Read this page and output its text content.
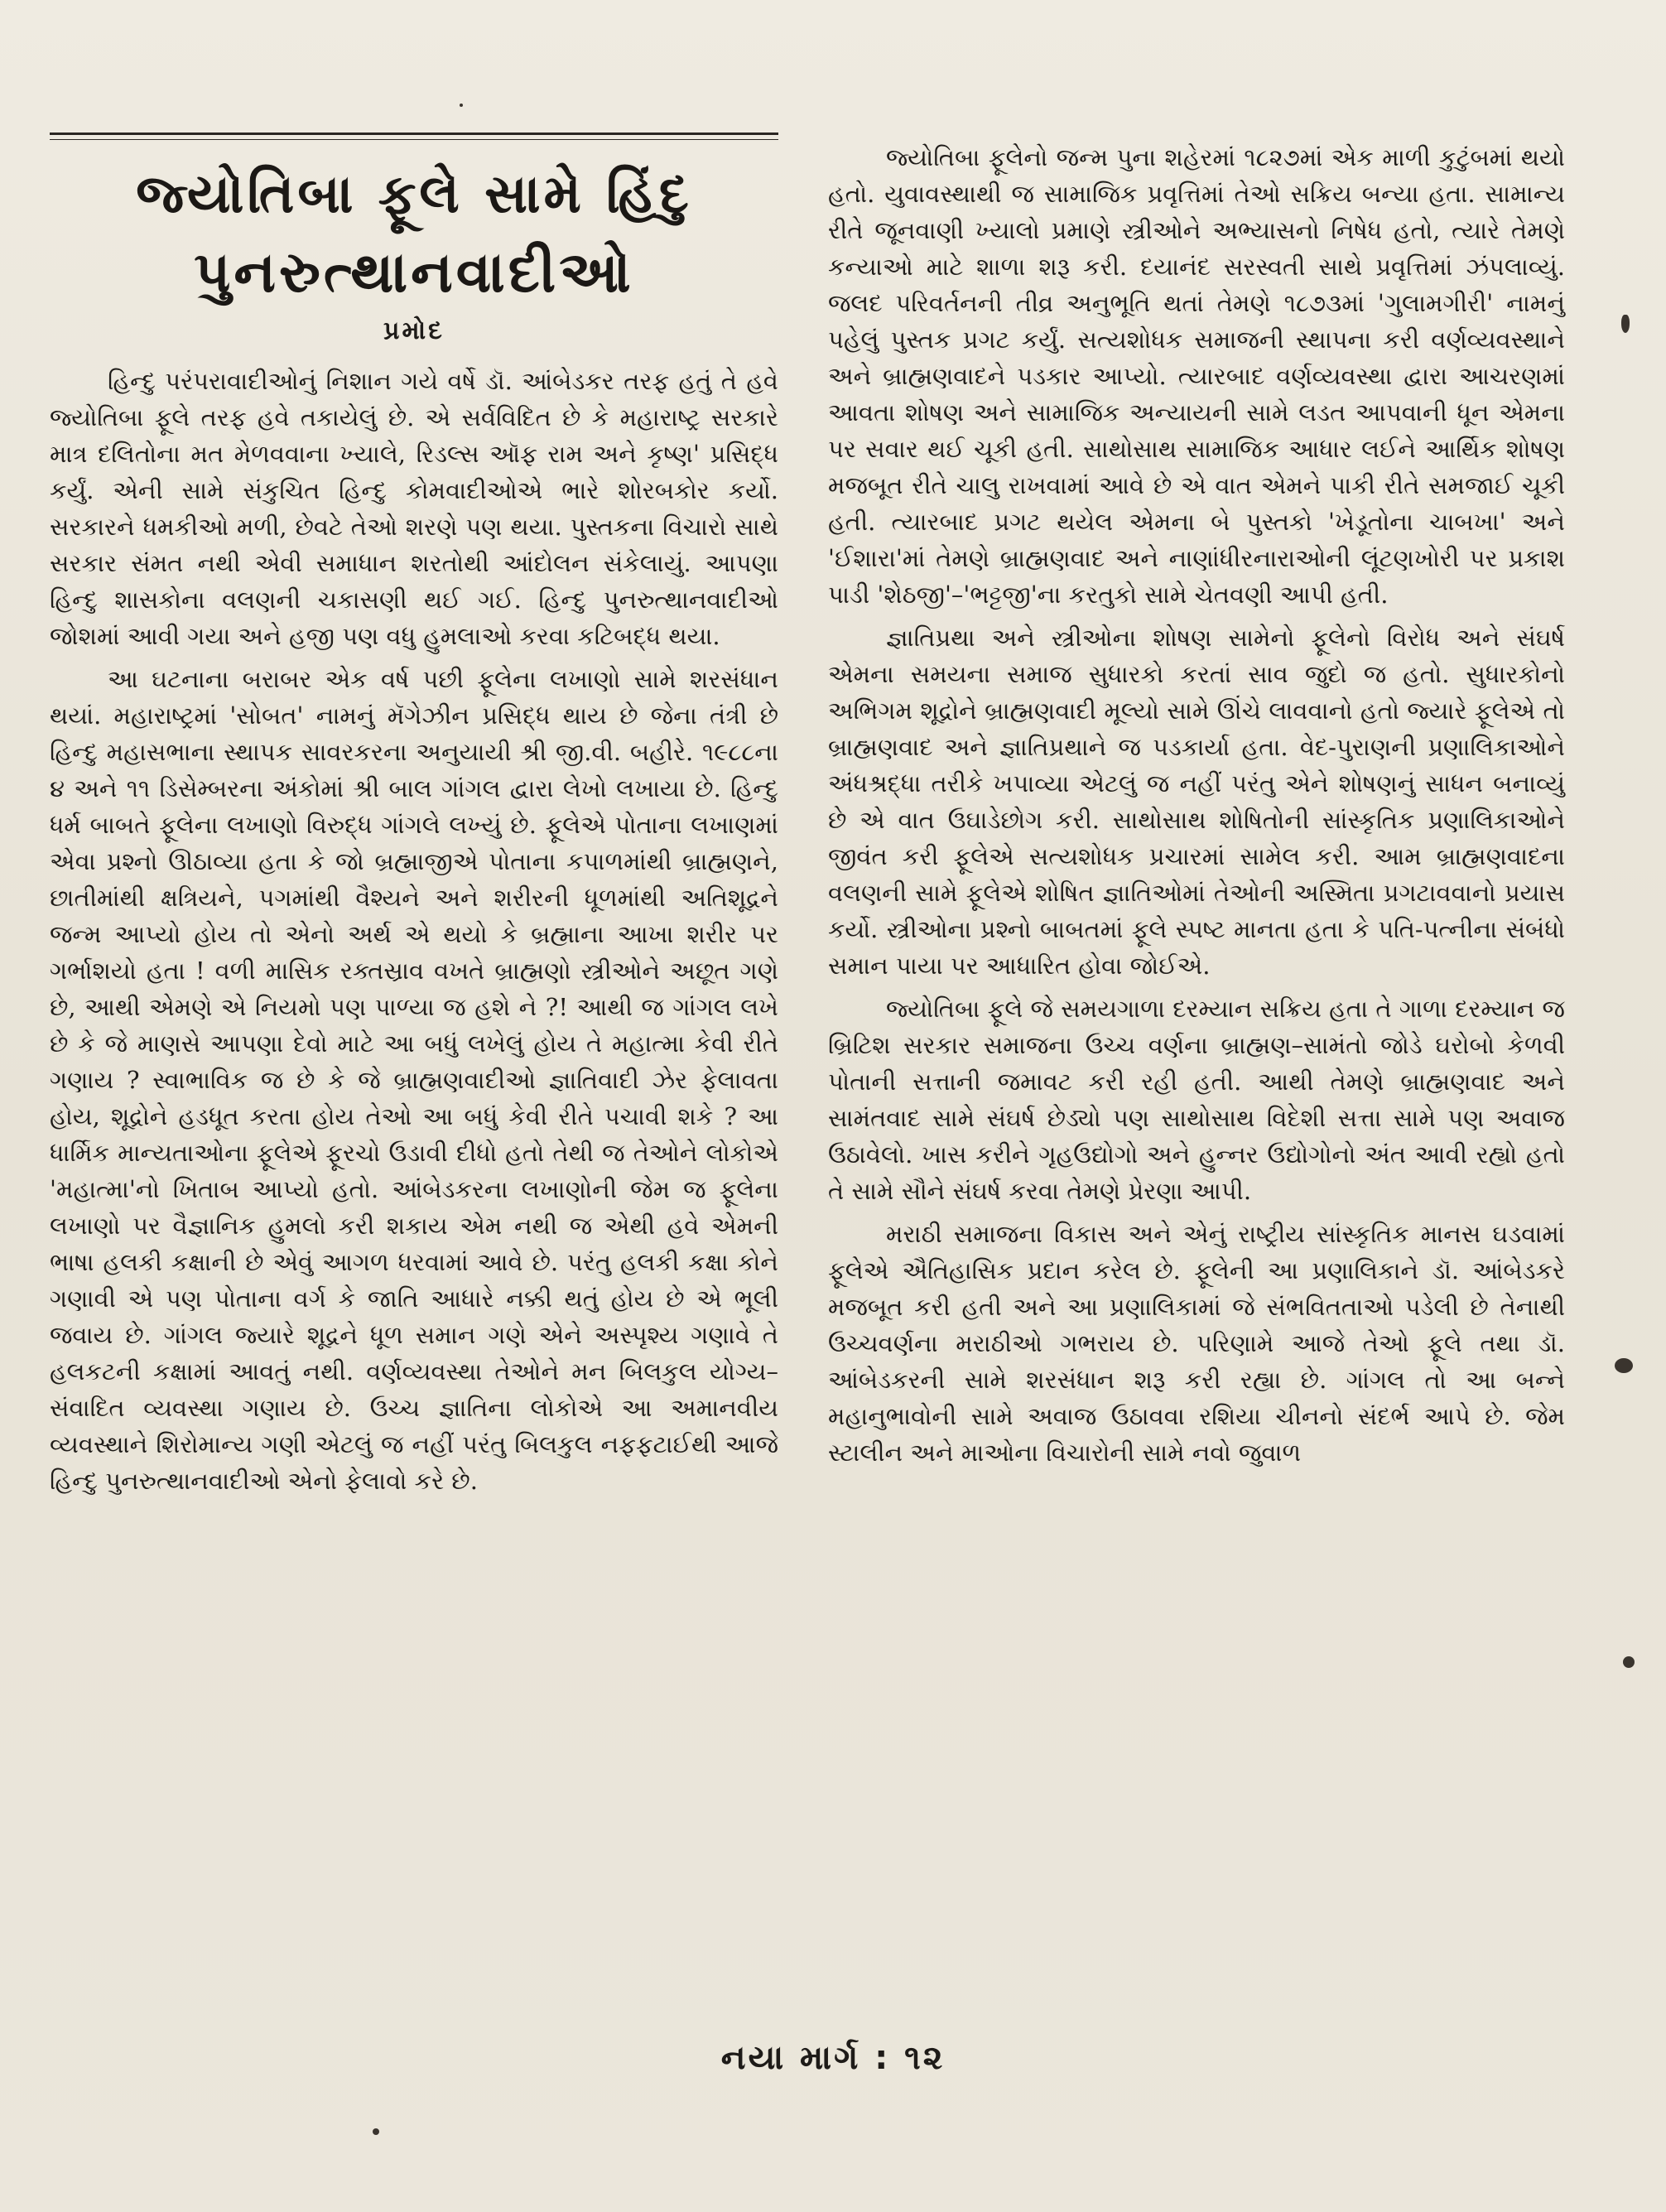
જ્યોતિબા ફૂલે સામે હિંદુ
પુનરુત્થાનવાદીઓ
પ્રમોદ

હિન્દુ પરંપરાવાદીઓનું નિશાન ગયે વર્ષે ડૉ. આંબેડકર તરફ હતું તે હવે જ્યોતિબા ફૂલે તરફ હવે તકાયેલું છે. એ સર્વવિદિત છે કે મહારાષ્ટ્ર સરકારે માત્ર દલિતોના મત મેળવવાના ખ્યાલે, રિડલ્સ ઑફ રામ અને કૃષ્ણ' પ્રસિદ્ધ કર્યું. એની સામે સંકુચિત હિન્દુ કોમવાદીઓએ ભારે શોરબકોર કર્યો. સરકારને ધમકીઓ મળી, છેવટે તેઓ શરણે પણ થયા. પુસ્તકના વિચારો સાથે સરકાર સંમત નથી એવી સમાધાન શરતોથી આંદોલન સંકેલાયું. આપણા હિન્દુ શાસકોના વલણની ચકાસણી થઈ ગઈ. હિન્દુ પુનરુત્થાનવાદીઓ જોશમાં આવી ગયા અને હજી પણ વધુ હુમલાઓ કરવા કટિબદ્ધ થયા.

આ ઘટનાના બરાબર એક વર્ષ પછી ફૂલેના લખાણો સામે શરસંધાન થયાં. મહારાષ્ટ્રમાં 'સોબત' નામનું મૅગેઝીન પ્રસિદ્ધ થાય છે જેના તંત્રી છે હિન્દુ મહાસભાના સ્થાપક સાવરકરના અનુયાયી શ્રી જી.વી. બહીરે. ૧૯૮૮ના ૪ અને ૧૧ ડિસેમ્બરના અંકોમાં શ્રી બાલ ગાંગલ દ્વારા લેખો લખાયા છે. હિન્દુ ધર્મ બાબતે ફૂલેના લખાણો વિરુદ્ધ ગાંગલે લખ્યું છે. ફૂલેએ પોતાના લખાણમાં એવા પ્રશ્નો ઊઠાવ્યા હતા કે જો બ્રહ્માજીએ પોતાના કપાળમાંથી બ્રાહ્મણને, છાતીમાંથી ક્ષત્રિયને, પગમાંથી વૈશ્યને અને શરીરની ધૂળમાંથી અતિશૂદ્રને જન્મ આપ્યો હોય તો એનો અર્થ એ થયો કે બ્રહ્માના આખા શરીર પર ગર્ભાશયો હતા ! વળી માસિક રક્તસ્રાવ વખતે બ્રાહ્મણો સ્ત્રીઓને અછૂત ગણે છે, આથી એમણે એ નિયમો પણ પાળ્યા જ હશે ને ?! આથી જ ગાંગલ લખે છે કે જે માણસે આપણા દેવો માટે આ બધું લખેલું હોય તે મહાત્મા કેવી રીતે ગણાય ? સ્વાભાવિક જ છે કે જે બ્રાહ્મણવાદીઓ જ્ઞાતિવાદી ઝેર ફેલાવતા હોય, શૂદ્રોને હડધૂત કરતા હોય તેઓ આ બધું કેવી રીતે પચાવી શકે ? આ ધાર્મિક માન્યતાઓના ફૂલેએ ફૂરચો ઉડાવી દીધો હતો તેથી જ તેઓને લોકોએ 'મહાત્મા'નો ખિતાબ આપ્યો હતો. આંબેડકરના લખાણોની જેમ જ ફૂલેના લખાણો પર વૈજ્ઞાનિક હુમલો કરી શકાય એમ નથી જ એથી હવે એમની ભાષા હલકી કક્ષાની છે એવું આગળ ધરવામાં આવે છે. પરંતુ હલકી કક્ષા કોને ગણાવી એ પણ પોતાના વર્ગ કે જાતિ આધારે નક્કી થતું હોય છે એ ભૂલી જવાય છે. ગાંગલ જ્યારે શૂદ્રને ધૂળ સમાન ગણે એને અસ્પૃશ્ય ગણાવે તે હલકટની કક્ષામાં આવતું નથી. વર્ણવ્યવસ્થા તેઓને મન બિલકુલ યોગ્ય–સંવાદિત વ્યવસ્થા ગણાય છે. ઉચ્ચ જ્ઞાતિના લોકોએ આ અમાનવીય વ્યવસ્થાને શિરોમાન્ય ગણી એટલું જ નહીં પરંતુ બિલકુલ નફફટાઈથી આજે હિન્દુ પુનરુત્થાનવાદીઓ એનો ફેલાવો કરે છે.

જ્યોતિબા ફૂલેનો જન્મ પુના શહેરમાં ૧૮૨૭માં એક માળી કુટુંબમાં થયો હતો. યુવાવસ્થાથી જ સામાજિક પ્રવૃત્તિમાં તેઓ સક્રિય બન્યા હતા. સામાન્ય રીતે જૂનવાણી ખ્યાલો પ્રમાણે સ્ત્રીઓને અભ્યાસનો નિષેધ હતો, ત્યારે તેમણે કન્યાઓ માટે શાળા શરૂ કરી. દયાનંદ સરસ્વતી સાથે પ્રવૃત્તિમાં ઝંપલાવ્યું. જલદ પરિવર્તનની તીવ્ર અનુભૂતિ થતાં તેમણે ૧૮૭૩માં 'ગુલામગીરી' નામનું પહેલું પુસ્તક પ્રગટ કર્યું. સત્યશોધક સમાજની સ્થાપના કરી વર્ણવ્યવસ્થાને અને બ્રાહ્મણવાદને પડકાર આપ્યો. ત્યારબાદ વર્ણવ્યવસ્થા દ્વારા આચરણમાં આવતા શોષણ અને સામાજિક અન્યાયની સામે લડત આપવાની ધૂન એમના પર સવાર થઈ ચૂકી હતી. સાથોસાથ સામાજિક આધાર લઈને આર્થિક શોષણ મજબૂત રીતે ચાલુ રાખવામાં આવે છે એ વાત એમને પાકી રીતે સમજાઈ ચૂકી હતી. ત્યારબાદ પ્રગટ થયેલ એમના બે પુસ્તકો 'ખેડૂતોના ચાબખા' અને 'ઈશારા'માં તેમણે બ્રાહ્મણવાદ અને નાણાંધીરનારાઓની લૂંટણખોરી પર પ્રકાશ પાડી 'શેઠજી'–'ભટ્ટજી'ના કરતુકો સામે ચેતવણી આપી હતી.

જ્ઞાતિપ્રથા અને સ્ત્રીઓના શોષણ સામેનો ફૂલેનો વિરોધ અને સંઘર્ષ એમના સમયના સમાજ સુધારકો કરતાં સાવ જુદો જ હતો. સુધારકોનો અભિગમ શૂદ્રોને બ્રાહ્મણવાદી મૂલ્યો સામે ઊંચે લાવવાનો હતો જ્યારે ફૂલેએ તો બ્રાહ્મણવાદ અને જ્ઞાતિપ્રથાને જ પડકાર્યા હતા. વેદ-પુરાણની પ્રણાલિકાઓને અંધશ્રદ્ધા તરીકે ખપાવ્યા એટલું જ નહીં પરંતુ એને શોષણનું સાધન બનાવ્યું છે એ વાત ઉઘાડેછોગ કરી. સાથોસાથ શોષિતોની સાંસ્કૃતિક પ્રણાલિકાઓને જીવંત કરી ફૂલેએ સત્યશોધક પ્રચારમાં સામેલ કરી. આમ બ્રાહ્મણવાદના વલણની સામે ફૂલેએ શોષિત જ્ઞાતિઓમાં તેઓની અસ્મિતા પ્રગટાવવાનો પ્રયાસ કર્યો. સ્ત્રીઓના પ્રશ્નો બાબતમાં ફૂલે સ્પષ્ટ માનતા હતા કે પતિ-પત્નીના સંબંધો સમાન પાયા પર આધારિત હોવા જોઈએ.

જ્યોતિબા ફૂલે જે સમયગાળા દરમ્યાન સક્રિય હતા તે ગાળા દરમ્યાન જ બ્રિટિશ સરકાર સમાજના ઉચ્ચ વર્ણના બ્રાહ્મણ–સામંતો જોડે ઘરોબો કેળવી પોતાની સત્તાની જમાવટ કરી રહી હતી. આથી તેમણે બ્રાહ્મણવાદ અને સામંતવાદ સામે સંઘર્ષ છેડ્યો પણ સાથોસાથ વિદેશી સત્તા સામે પણ અવાજ ઉઠાવેલો. ખાસ કરીને ગૃહઉદ્યોગો અને હુન્નર ઉદ્યોગોનો અંત આવી રહ્યો હતો તે સામે સૌને સંઘર્ષ કરવા તેમણે પ્રેરણા આપી.

મરાઠી સમાજના વિકાસ અને એનું રાષ્ટ્રીય સાંસ્કૃતિક માનસ ઘડવામાં ફૂલેએ ઐતિહાસિક પ્રદાન કરેલ છે. ફૂલેની આ પ્રણાલિકાને ડૉ. આંબેડકરે મજબૂત કરી હતી અને આ પ્રણાલિકામાં જે સંભવિતતાઓ પડેલી છે તેનાથી ઉચ્ચવર્ણના મરાઠીઓ ગભરાય છે. પરિણામે આજે તેઓ ફૂલે તથા ડૉ. આંબેડકરની સામે શરસંધાન શરૂ કરી રહ્યા છે. ગાંગલ તો આ બન્ને મહાનુભાવોની સામે અવાજ ઉઠાવવા રશિયા ચીનનો સંદર્ભ આપે છે. જેમ સ્ટાલીન અને માઓના વિચારોની સામે નવો જુવાળ

નયા માર્ગ : ૧૨
